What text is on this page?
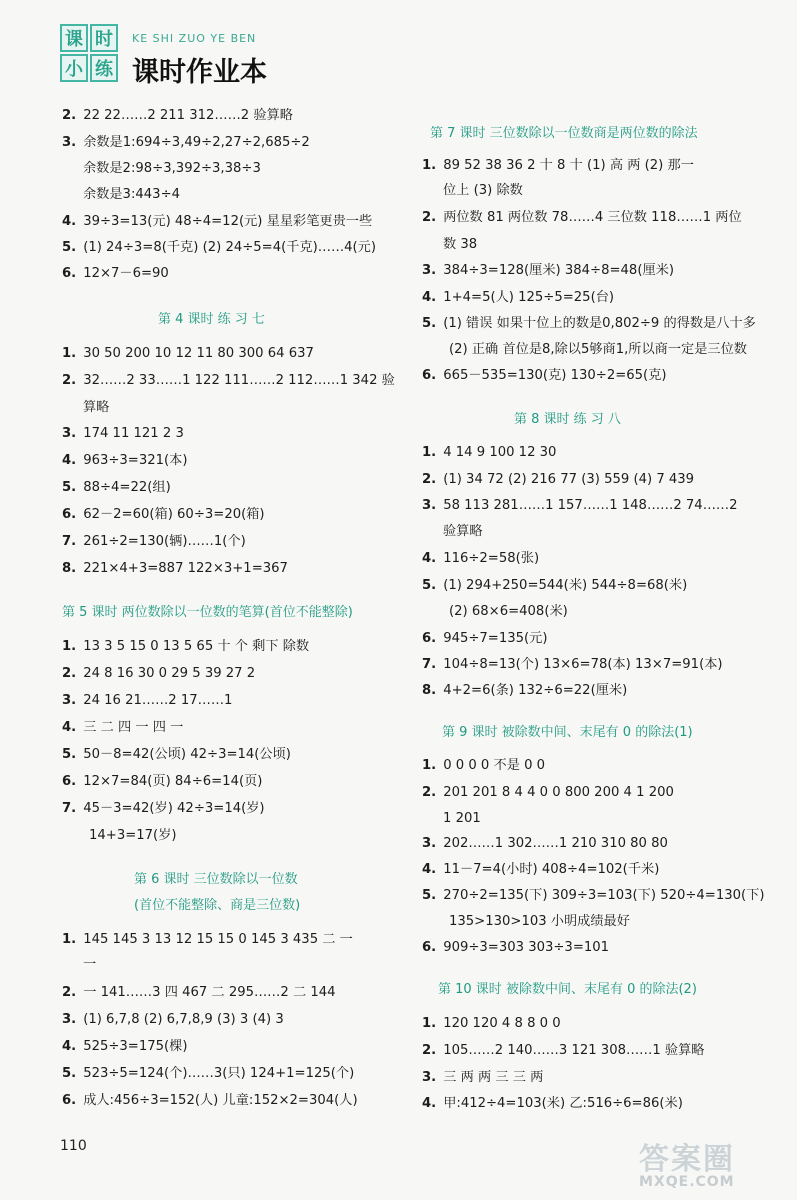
课 时
小 练
KE SHI ZUO YE BEN
课时作业本
2. 22 22……2 211 312……2 验算略
3. 余数是1:694÷3,49÷2,27÷2,685÷2
余数是2:98÷3,392÷3,38÷3
余数是3:443÷4
4. 39÷3=13(元) 48÷4=12(元) 星星彩笔更贵一些
5. (1) 24÷3=8(千克) (2) 24÷5=4(千克)……4(元)
6. 12×7－6=90
第 4 课时 练 习 七
1. 30 50 200 10 12 11 80 300 64 637
2. 32……2 33……1 122 111……2 112……1 342 验
算略
3. 174 11 121 2 3
4. 963÷3=321(本)
5. 88÷4=22(组)
6. 62－2=60(箱) 60÷3=20(箱)
7. 261÷2=130(辆)……1(个)
8. 221×4+3=887 122×3+1=367
第 5 课时 两位数除以一位数的笔算(首位不能整除)
1. 13 3 5 15 0 13 5 65 十 个 剩下 除数
2. 24 8 16 30 0 29 5 39 27 2
3. 24 16 21……2 17……1
4. 三 二 四 一 四 一
5. 50－8=42(公顷) 42÷3=14(公顷)
6. 12×7=84(页) 84÷6=14(页)
7. 45－3=42(岁) 42÷3=14(岁)
14+3=17(岁)
第 6 课时 三位数除以一位数
(首位不能整除、商是三位数)
1. 145 145 3 13 12 15 15 0 145 3 435 二 一
一
2. 一 141……3 四 467 二 295……2 二 144
3. (1) 6,7,8 (2) 6,7,8,9 (3) 3 (4) 3
4. 525÷3=175(棵)
5. 523÷5=124(个)……3(只) 124+1=125(个)
6. 成人:456÷3=152(人) 儿童:152×2=304(人)
第 7 课时 三位数除以一位数商是两位数的除法
1. 89 52 38 36 2 十 8 十 (1) 高 两 (2) 那一
位上 (3) 除数
2. 两位数 81 两位数 78……4 三位数 118……1 两位
数 38
3. 384÷3=128(厘米) 384÷8=48(厘米)
4. 1+4=5(人) 125÷5=25(台)
5. (1) 错误 如果十位上的数是0,802÷9 的得数是八十多
(2) 正确 首位是8,除以5够商1,所以商一定是三位数
6. 665－535=130(克) 130÷2=65(克)
第 8 课时 练 习 八
1. 4 14 9 100 12 30
2. (1) 34 72 (2) 216 77 (3) 559 (4) 7 439
3. 58 113 281……1 157……1 148……2 74……2
验算略
4. 116÷2=58(张)
5. (1) 294+250=544(米) 544÷8=68(米)
(2) 68×6=408(米)
6. 945÷7=135(元)
7. 104÷8=13(个) 13×6=78(本) 13×7=91(本)
8. 4+2=6(条) 132÷6=22(厘米)
第 9 课时 被除数中间、末尾有 0 的除法(1)
1. 0 0 0 0 不是 0 0
2. 201 201 8 4 4 0 0 800 200 4 1 200
1 201
3. 202……1 302……1 210 310 80 80
4. 11－7=4(小时) 408÷4=102(千米)
5. 270÷2=135(下) 309÷3=103(下) 520÷4=130(下)
135>130>103 小明成绩最好
6. 909÷3=303 303÷3=101
第 10 课时 被除数中间、末尾有 0 的除法(2)
1. 120 120 4 8 8 0 0
2. 105……2 140……3 121 308……1 验算略
3. 三 两 两 三 三 两
4. 甲:412÷4=103(米) 乙:516÷6=86(米)
110	答案圈
MXQE.COM
